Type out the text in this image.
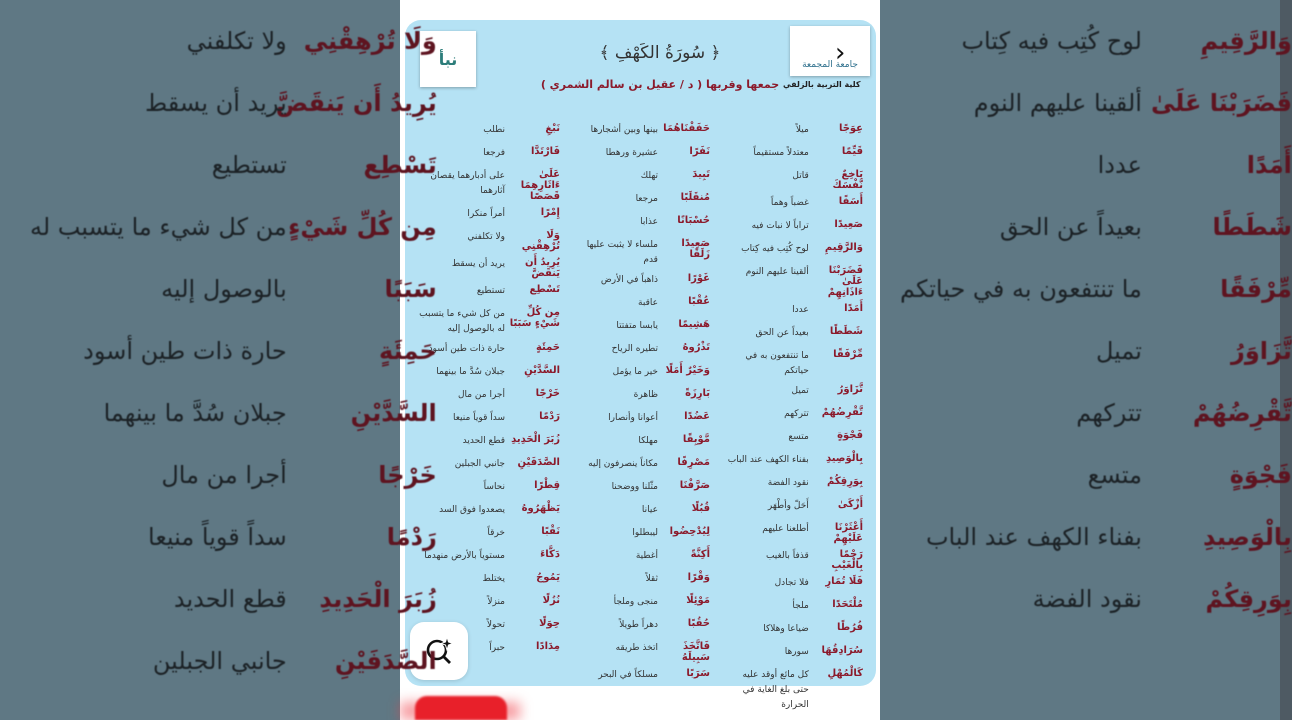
وَلَا تُرْهِقْنِي
ولا تكلفني
يُرِيدُ أَن يَنقَضَّ
يريد أن يسقط
تَسْطِع
تستطيع
مِن كُلِّ شَيْءٍ
من كل شيء ما يتسبب له
سَبَبًا
بالوصول إليه
حَمِئَةٍ
حارة ذات طين أسود
السَّدَّيْنِ
جبلان سُدَّ ما بينهما
خَرْجًا
أجرا من مال
رَدْمًا
سداً قوياً منيعا
زُبَرَ الْحَدِيدِ
قطع الحديد
الصَّدَفَيْنِ
جانبي الجبلين
وَالرَّقِيمِ
لوح كُتِب فيه كِتاب
فَضَرَبْنَا عَلَىٰ
ألقينا عليهم النوم
أَمَدًا
عددا
شَطَطًا
بعيداً عن الحق
مِّرْفَقًا
ما تنتفعون به في حياتكم
تَّزَاوَرُ
تميل
تَّقْرِضُهُمْ
تتركهم
فَجْوَةٍ
متسع
بِالْوَصِيدِ
بفناء الكهف عند الباب
بِوَرِقِكُمْ
نقود الفضة
نبأ	جامعة المجمعة
›
﴿ سُورَةُ الكَهْفِ ﴾
جمعها وقربها ( د / عقيل بن سالم الشمري ) كلية التربية بالزلفي
عِوَجًا
ميلاً
قَيِّمًا
معتدلاً مستقيماً
بَاخِعٌ نَّفْسَكَ
قاتل
أَسَفًا
غضباً وهماً
صَعِيدًا
تراباً لا نبات فيه
وَالرَّقِيمِ
لوح كُتِب فيه كِتاب
فَضَرَبْنَا عَلَىٰ ءَاذَانِهِمْ
ألقينا عليهم النوم
أَمَدًا
عددا
شَطَطًا
بعيداً عن الحق
مِّرْفَقًا
ما تنتفعون به في حياتكم
تَّزَاوَرُ
تميل
تَّقْرِضُهُمْ
تتركهم
فَجْوَةٍ
متسع
بِالْوَصِيدِ
بفناء الكهف عند الباب
بِوَرِقِكُمْ
نقود الفضة
أَزْكَىٰ
أَحَلّ وأطْهَر
أَعْثَرْنَا عَلَيْهِمْ
أطلعنا عليهم
رَجْمًا بِالْغَيْبِ
قذفاً بالغيب
فَلَا تُمَارِ
فلا تجادل
مُلْتَحَدًا
ملجأ
فُرُطًا
ضياعا وهلاكا
سُرَادِقُهَا
سورها
كَالْمُهْلِ
كل مائع أوقد عليه حتى بلغ الغاية في الحرارة
حَفَفْنَاهُمَا
بينها وبين أشجارها
نَفَرًا
عشيرة ورهطا
تَبِيدَ
تهلك
مُنقَلَبًا
مرجعا
حُسْبَانًا
عذابا
صَعِيدًا زَلَقًا
ملساء لا يثبت عليها قدم
غَوْرًا
ذاهباً في الأرض
عُقْبًا
عاقبة
هَشِيمًا
يابسا متفتتا
تَذْرُوهُ
تطيره الرياح
وَخَيْرٌ أَمَلًا
خير ما يؤمل
بَارِزَةً
ظاهرة
عَضُدًا
أعوانا وأنصارا
مَّوْبِقًا
مهلكا
مَصْرِفًا
مكاناً ينصرفون إليه
صَرَّفْنَا
مثّلنا ووضحنا
قُبُلًا
عيانا
لِيُدْحِضُوا
ليبطلوا
أَكِنَّةً
أغطية
وَقْرًا
ثقلاً
مَوْئِلًا
منجى وملجأ
حُقُبًا
دهراً طويلاً
فَاتَّخَذَ سَبِيلَهُ
اتخذ طريقه
سَرَبًا
مسلكاً في البحر
نَبْغِ
نطلب
فَارْتَدَّا
فرجعا
عَلَىٰ ءَاثَارِهِمَا قَصَصًا
على أدبارهما يقصان آثارهما
إِمْرًا
أمراً منكرا
وَلَا تُرْهِقْنِي
ولا تكلفني
يُرِيدُ أَن يَنقَضَّ
يريد أن يسقط
تَسْطِع
تستطيع
مِن كُلِّ شَيْءٍ سَبَبًا
من كل شيء ما يتسبب له بالوصول إليه
حَمِئَةٍ
حارة ذات طين أسود
السَّدَّيْنِ
جبلان سُدَّ ما بينهما
خَرْجًا
أجرا من مال
رَدْمًا
سداً قوياً منيعا
زُبَرَ الْحَدِيدِ
قطع الحديد
الصَّدَفَيْنِ
جانبي الجبلين
قِطْرًا
نحاساً
يَظْهَرُوهُ
يصعدوا فوق السد
نَقْبًا
خرقاً
دَكَّاءَ
مستوياً بالأرض منهدما
يَمُوجُ
يختلط
نُزُلًا
منزلاً
حِوَلًا
تحولاً
مِدَادًا
حبراً
